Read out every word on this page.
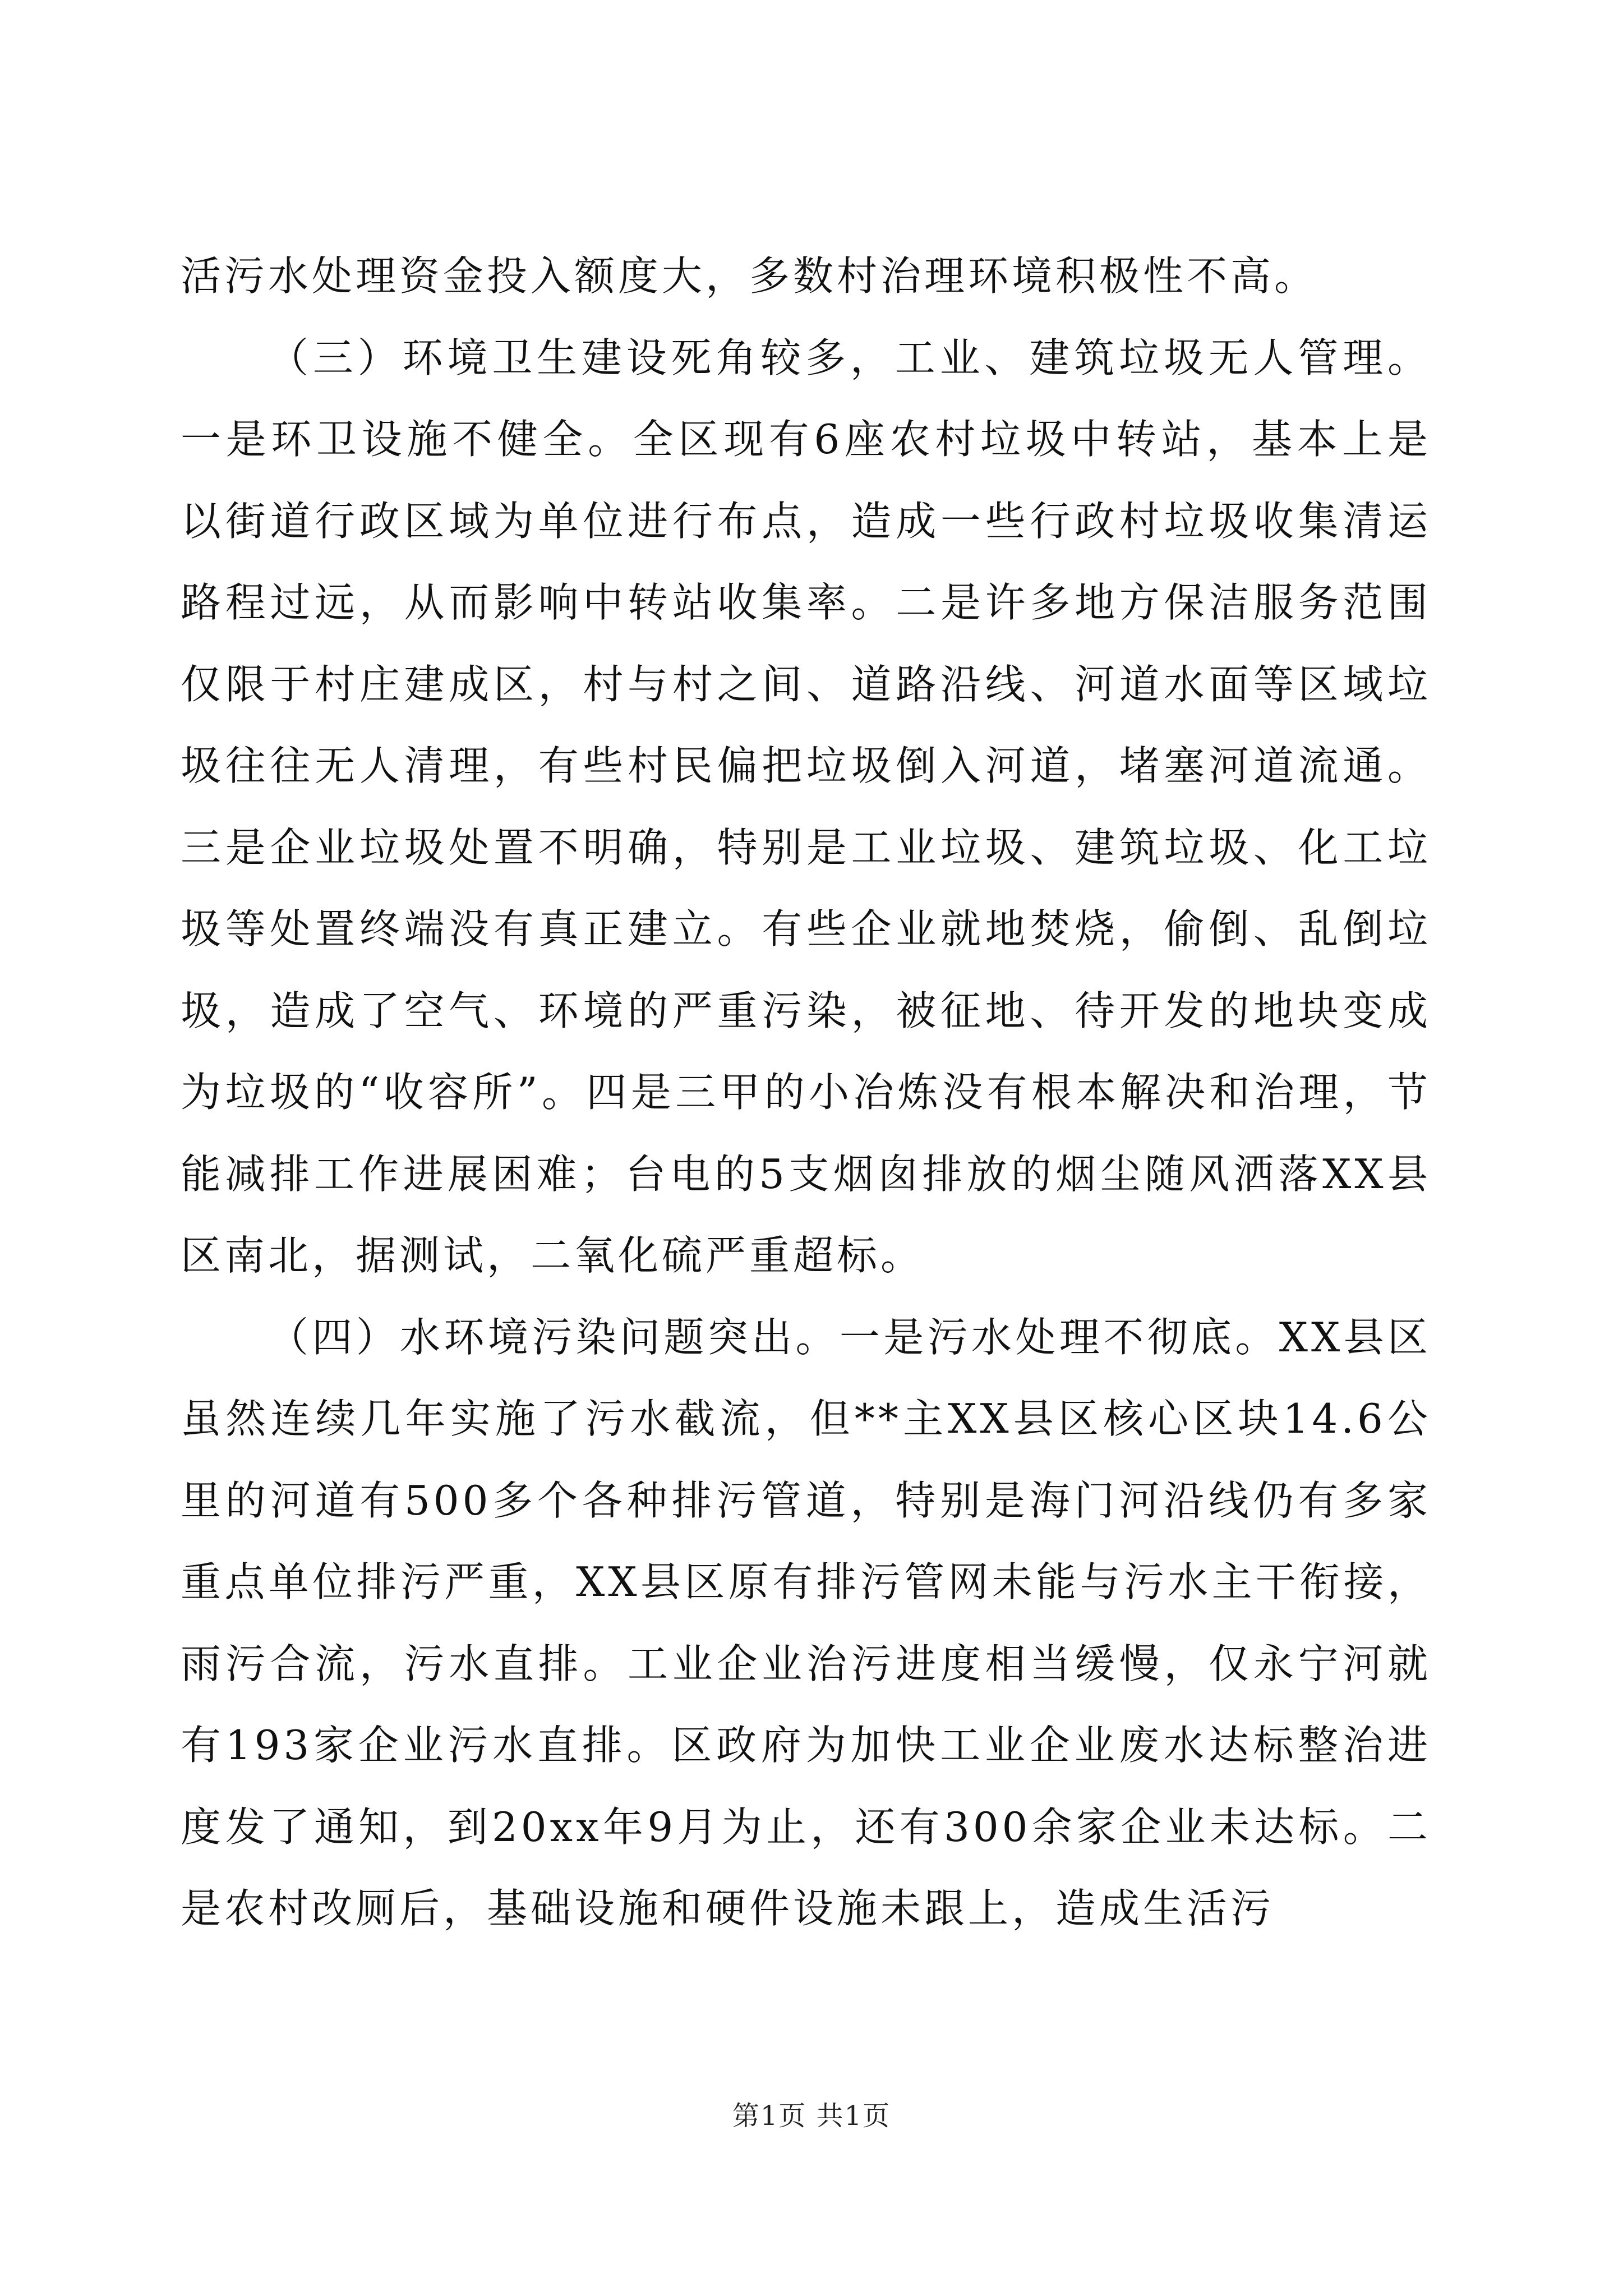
活污水处理资金投入额度大，多数村治理环境积极性不高。

（三）环境卫生建设死角较多，工业、建筑垃圾无人管理。一是环卫设施不健全。全区现有6座农村垃圾中转站，基本上是以街道行政区域为单位进行布点，造成一些行政村垃圾收集清运路程过远，从而影响中转站收集率。二是许多地方保洁服务范围仅限于村庄建成区，村与村之间、道路沿线、河道水面等区域垃圾往往无人清理，有些村民偏把垃圾倒入河道，堵塞河道流通。三是企业垃圾处置不明确，特别是工业垃圾、建筑垃圾、化工垃圾等处置终端没有真正建立。有些企业就地焚烧，偷倒、乱倒垃圾，造成了空气、环境的严重污染，被征地、待开发的地块变成为垃圾的“收容所”。四是三甲的小冶炼没有根本解决和治理，节能减排工作进展困难；台电的5支烟囱排放的烟尘随风洒落XX县区南北，据测试，二氧化硫严重超标。

（四）水环境污染问题突出。一是污水处理不彻底。XX县区虽然连续几年实施了污水截流，但**主XX县区核心区块14.6公里的河道有500多个各种排污管道，特别是海门河沿线仍有多家重点单位排污严重，XX县区原有排污管网未能与污水主干衔接，雨污合流，污水直排。工业企业治污进度相当缓慢，仅永宁河就有193家企业污水直排。区政府为加快工业企业废水达标整治进度发了通知，到20xx年9月为止，还有300余家企业未达标。二是农村改厕后，基础设施和硬件设施未跟上，造成生活污

第1页 共1页
